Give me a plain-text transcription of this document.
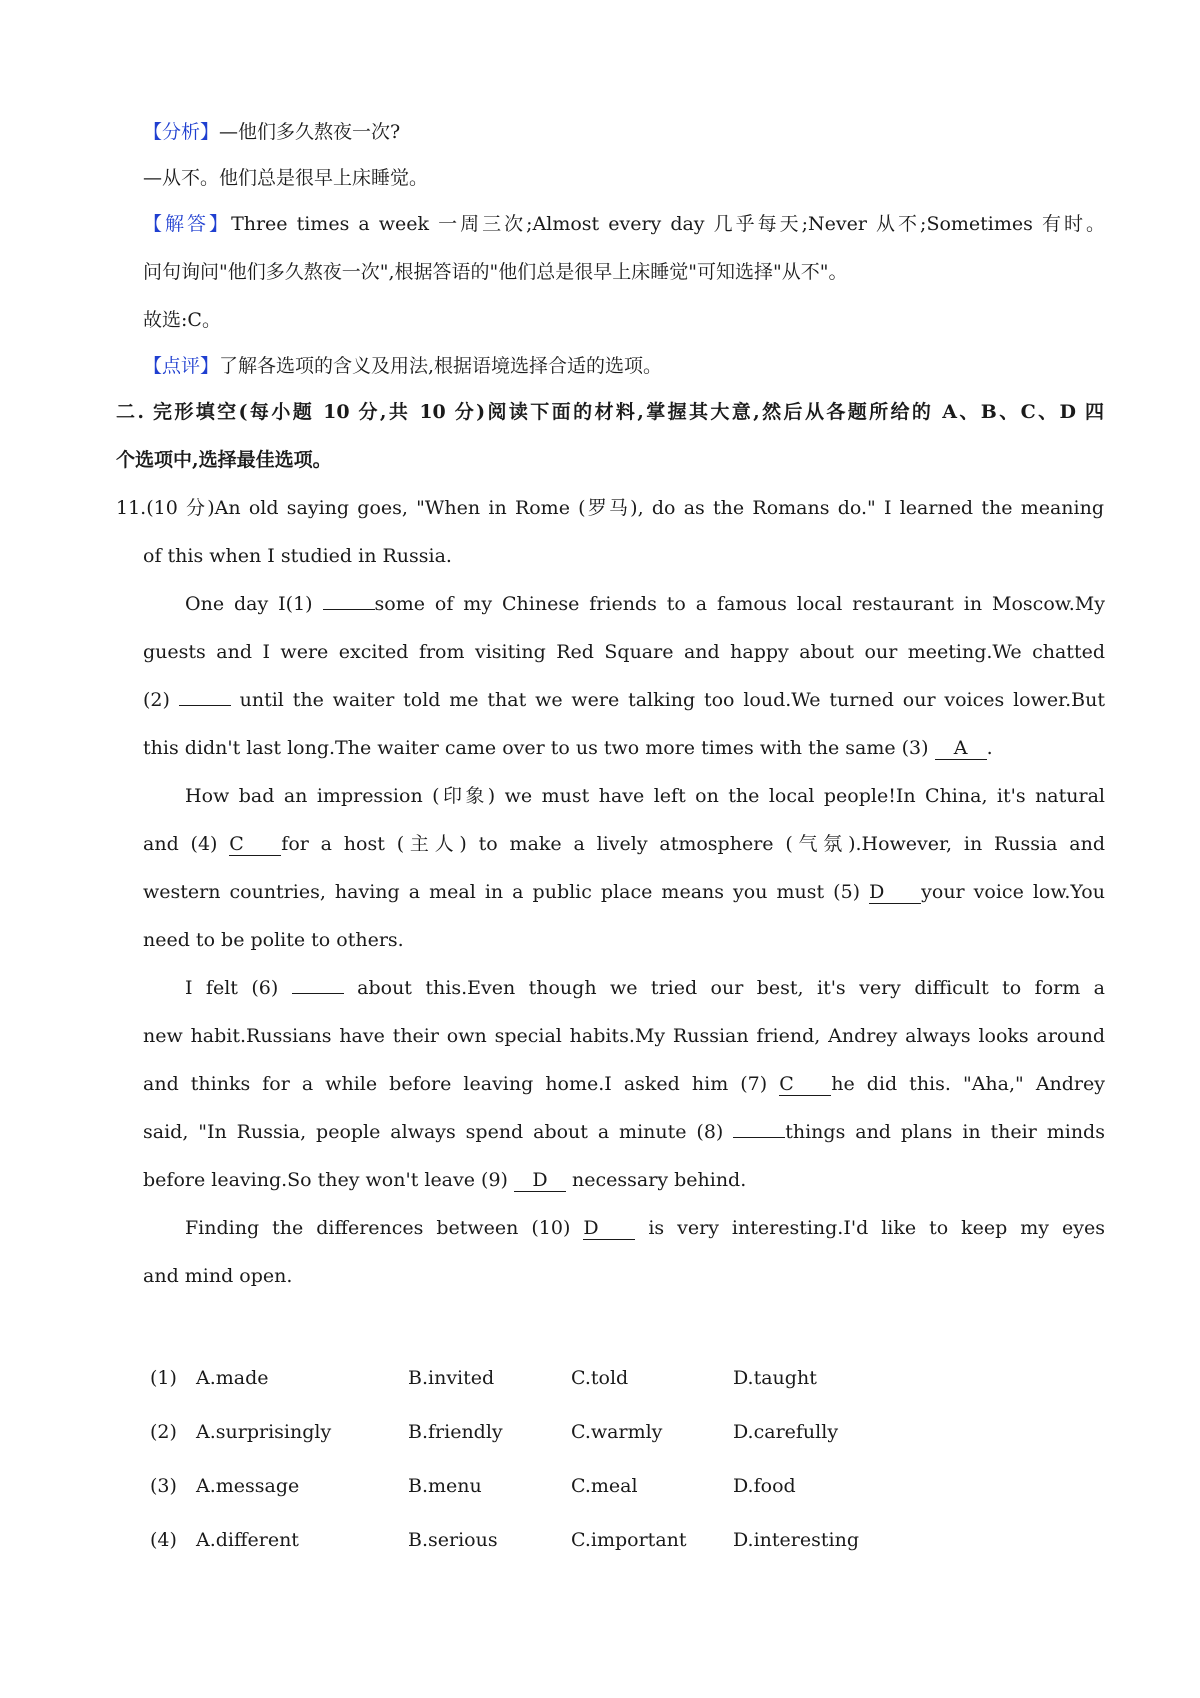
【分析】—他们多久熬夜一次?
—从不。他们总是很早上床睡觉。
【解答】Three times a week 一周三次;Almost every day 几乎每天;Never 从不;Sometimes 有时。
问句询问"他们多久熬夜一次",根据答语的"他们总是很早上床睡觉"可知选择"从不"。
故选:C。
【点评】了解各选项的含义及用法,根据语境选择合适的选项。
二. 完形填空(每小题 10 分,共 10 分)阅读下面的材料,掌握其大意,然后从各题所给的 A、B、C、D 四
个选项中,选择最佳选项。
11.(10 分)An old saying goes, "When in Rome (罗马), do as the Romans do." I learned the meaning
of this when I studied in Russia.
One day I(1)	some of my Chinese friends to a famous local restaurant in Moscow.My
guests and I were excited from visiting Red Square and happy about our meeting.We chatted
(2)	until the waiter told me that we were talking too loud.We turned our voices lower.But
this didn't last long.The waiter came over to us two more times with the same (3) A .
How bad an impression (印象) we must have left on the local people!In China, it's natural
and (4) C for a host (主人) to make a lively atmosphere (气氛).However, in Russia and
western countries, having a meal in a public place means you must (5) D your voice low.You
need to be polite to others.
I felt (6)	about this.Even though we tried our best, it's very difficult to form a
new habit.Russians have their own special habits.My Russian friend, Andrey always looks around
and thinks for a while before leaving home.I asked him (7) C he did this. "Aha," Andrey
said, "In Russia, people always spend about a minute (8)	things and plans in their minds
before leaving.So they won't leave (9) D necessary behind.
Finding the differences between (10) D	is very interesting.I'd like to keep my eyes
and mind open.
(1) A.made	B.invited	C.told	D.taught
(2) A.surprisingly	B.friendly	C.warmly	D.carefully
(3) A.message	B.menu	C.meal	D.food
(4) A.different	B.serious	C.important D.interesting
